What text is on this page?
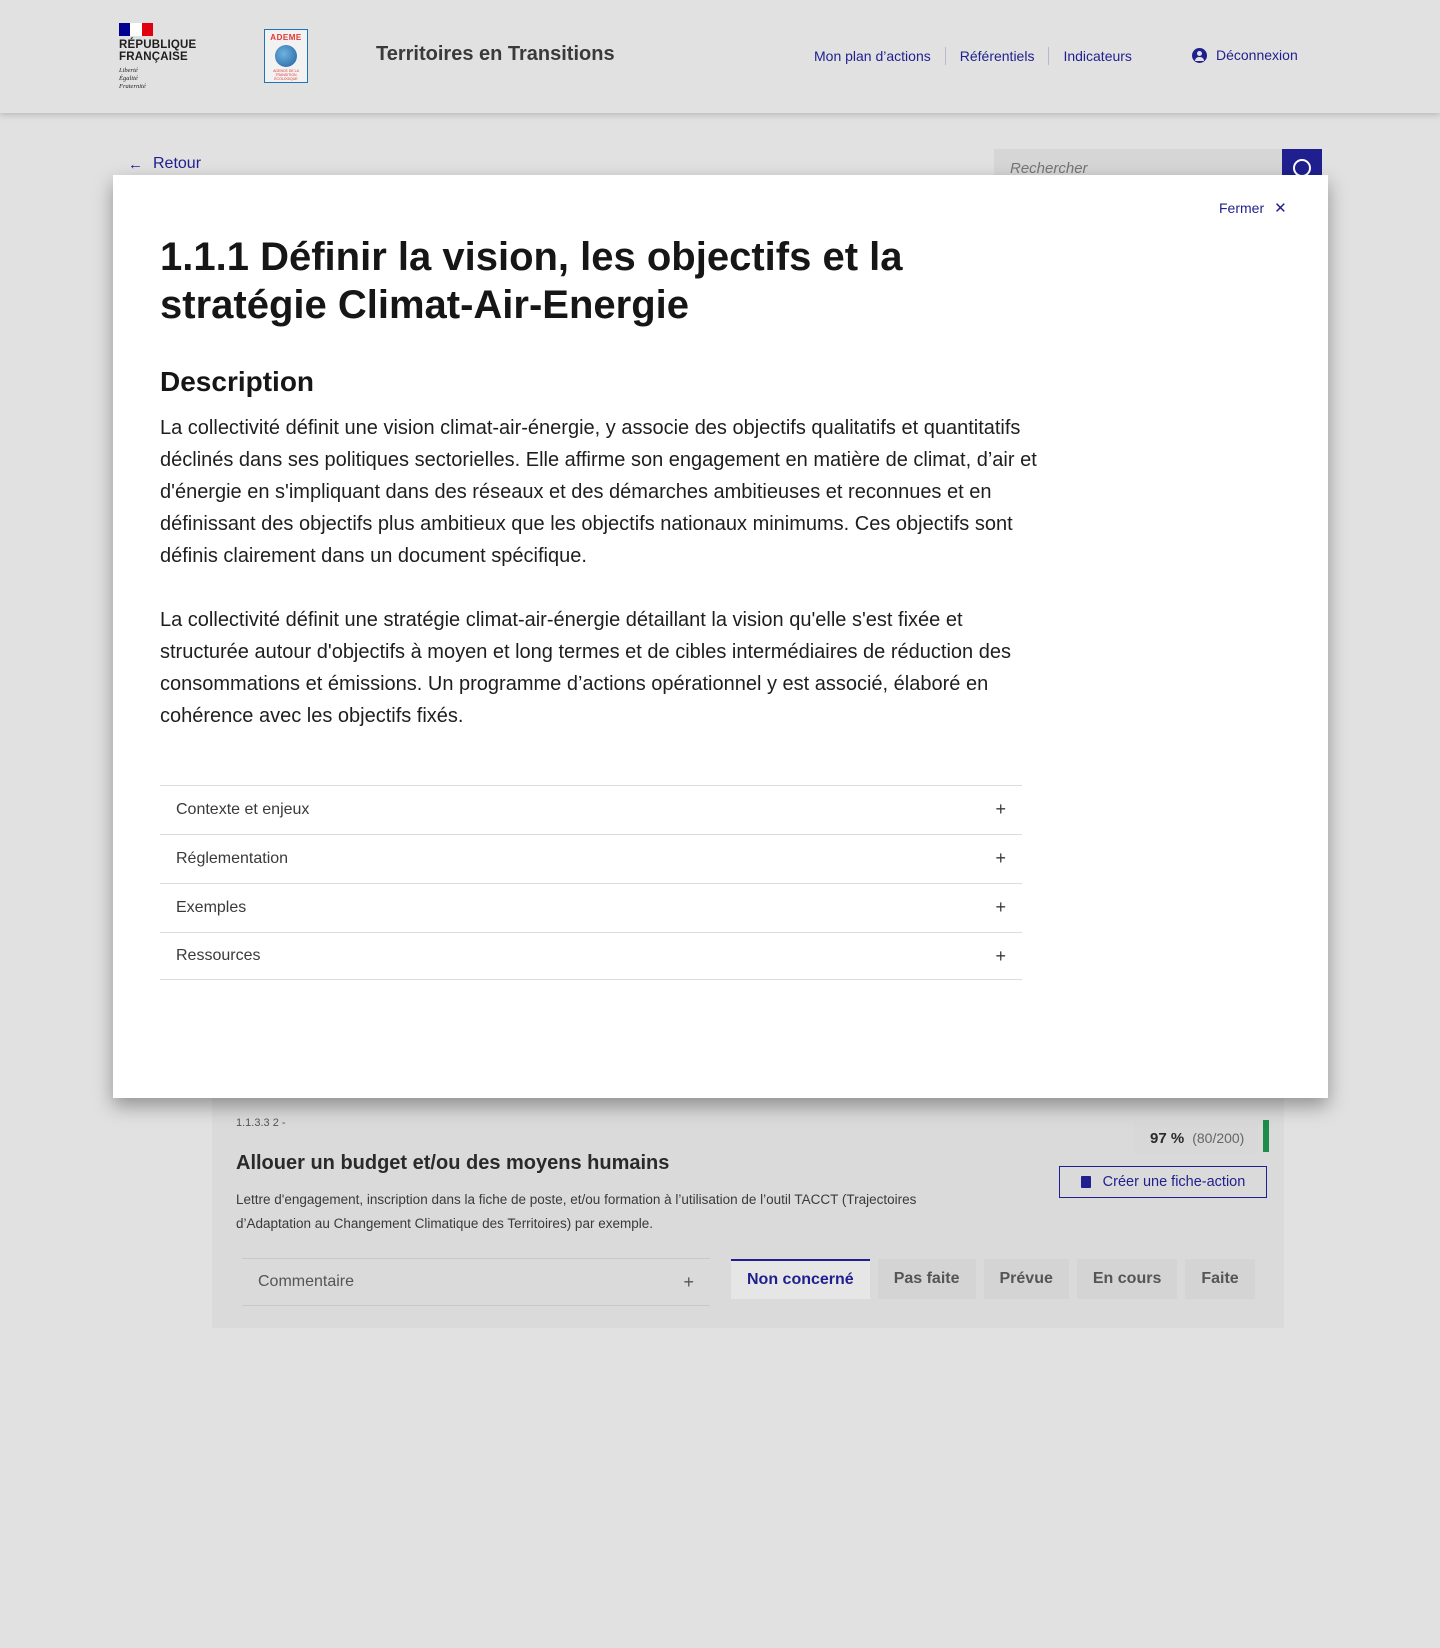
RÉPUBLIQUE
FRANÇAISE
Liberté
Égalité
Fraternité
ADEME
AGENCE DE LA TRANSITION ÉCOLOGIQUE
Territoires en Transitions	Mon plan d’actions Référentiels Indicateurs	Déconnexion
← Retour
Rechercher
1.1.3.3 2 -
Allouer un budget et/ou des moyens humains
Lettre d'engagement, inscription dans la fiche de poste, et/ou formation à l’utilisation de l’outil TACCT (Trajectoires d’Adaptation au Changement Climatique des Territoires) par exemple.
97 % (80/200)
Créer une fiche-action
Commentaire	+	Non concerné	Pas faite	Prévue	En cours	Faite
Fermer ✕
1.1.1 Définir la vision, les objectifs et la stratégie Climat-Air-Energie
Description

La collectivité définit une vision climat-air-énergie, y associe des objectifs qualitatifs et quantitatifs déclinés dans ses politiques sectorielles. Elle affirme son engagement en matière de climat, d’air et d'énergie en s'impliquant dans des réseaux et des démarches ambitieuses et reconnues et en définissant des objectifs plus ambitieux que les objectifs nationaux minimums. Ces objectifs sont définis clairement dans un document spécifique.

La collectivité définit une stratégie climat-air-énergie détaillant la vision qu'elle s'est fixée et structurée autour d'objectifs à moyen et long termes et de cibles intermédiaires de réduction des consommations et émissions. Un programme d’actions opérationnel y est associé, élaboré en cohérence avec les objectifs fixés.

Contexte et enjeux	+
Réglementation	+
Exemples	+
Ressources	+
